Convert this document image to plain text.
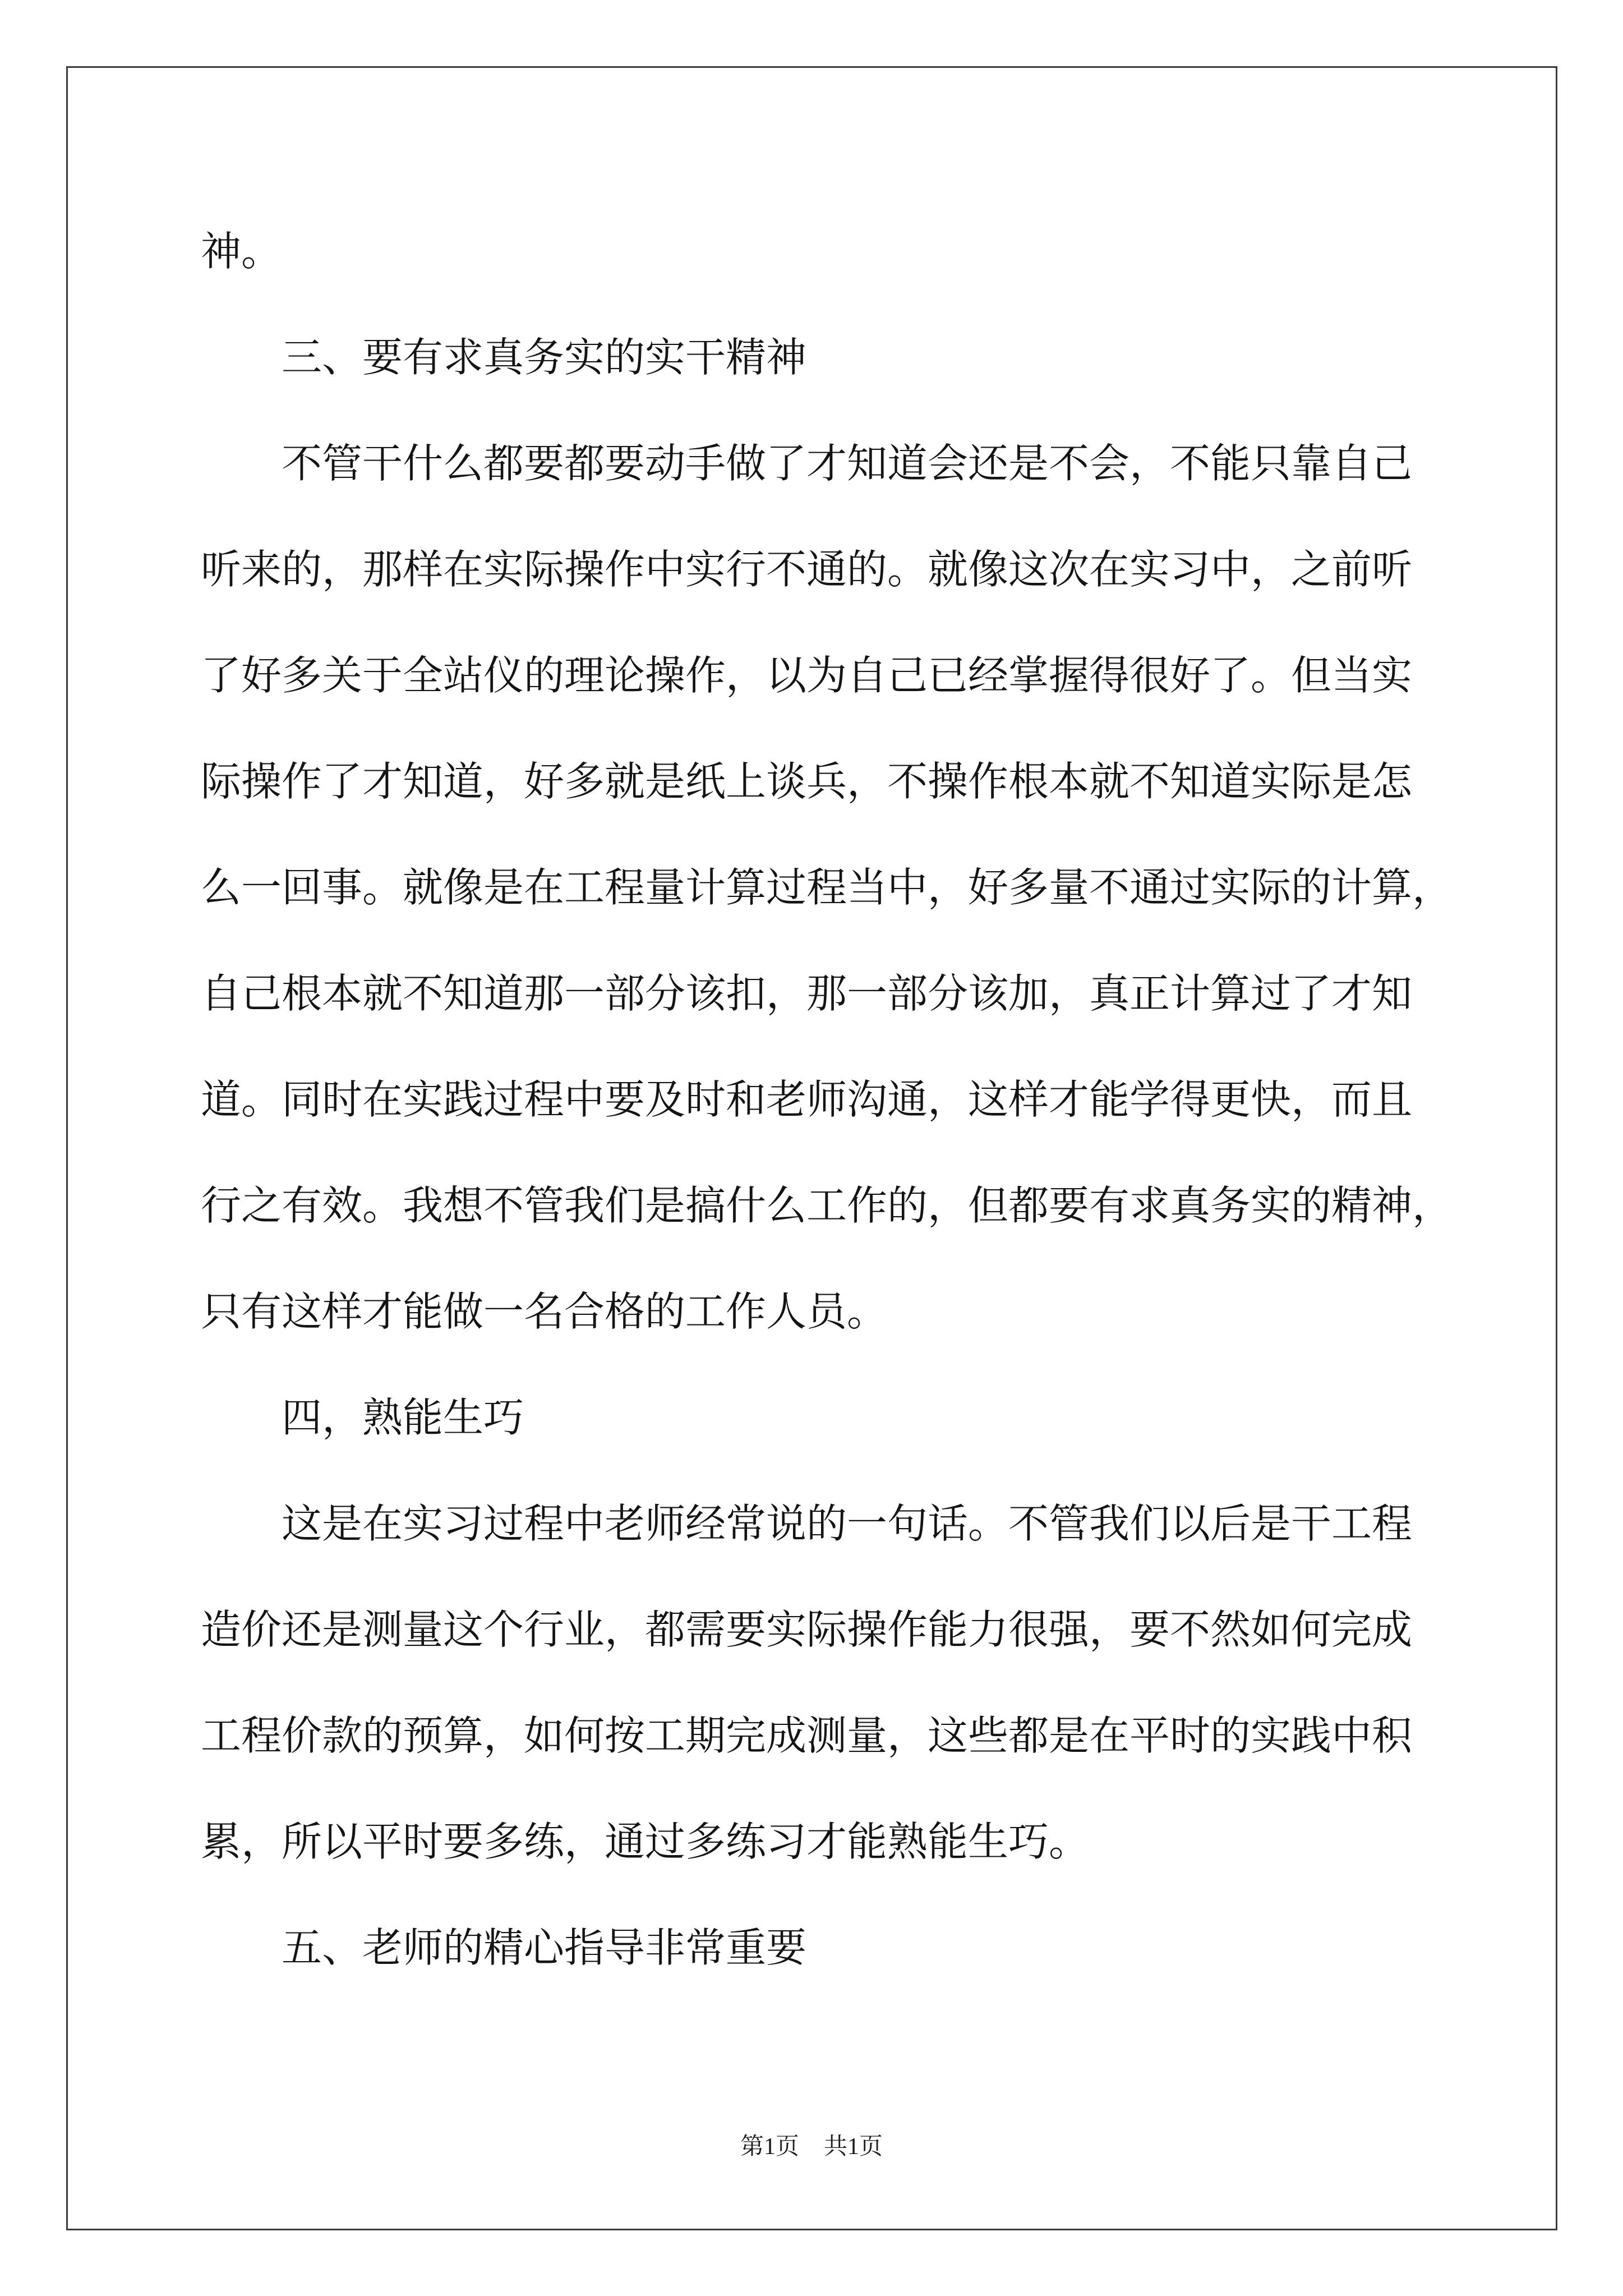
神。
三、要有求真务实的实干精神
不管干什么都要都要动手做了才知道会还是不会，不能只靠自己
听来的，那样在实际操作中实行不通的。就像这次在实习中，之前听
了好多关于全站仪的理论操作，以为自己已经掌握得很好了。但当实
际操作了才知道，好多就是纸上谈兵，不操作根本就不知道实际是怎
么一回事。就像是在工程量计算过程当中，好多量不通过实际的计算，
自己根本就不知道那一部分该扣，那一部分该加，真正计算过了才知
道。同时在实践过程中要及时和老师沟通，这样才能学得更快，而且
行之有效。我想不管我们是搞什么工作的，但都要有求真务实的精神，
只有这样才能做一名合格的工作人员。
四，熟能生巧
这是在实习过程中老师经常说的一句话。不管我们以后是干工程
造价还是测量这个行业，都需要实际操作能力很强，要不然如何完成
工程价款的预算，如何按工期完成测量，这些都是在平时的实践中积
累，所以平时要多练，通过多练习才能熟能生巧。
五、老师的精心指导非常重要
第1页 共1页
